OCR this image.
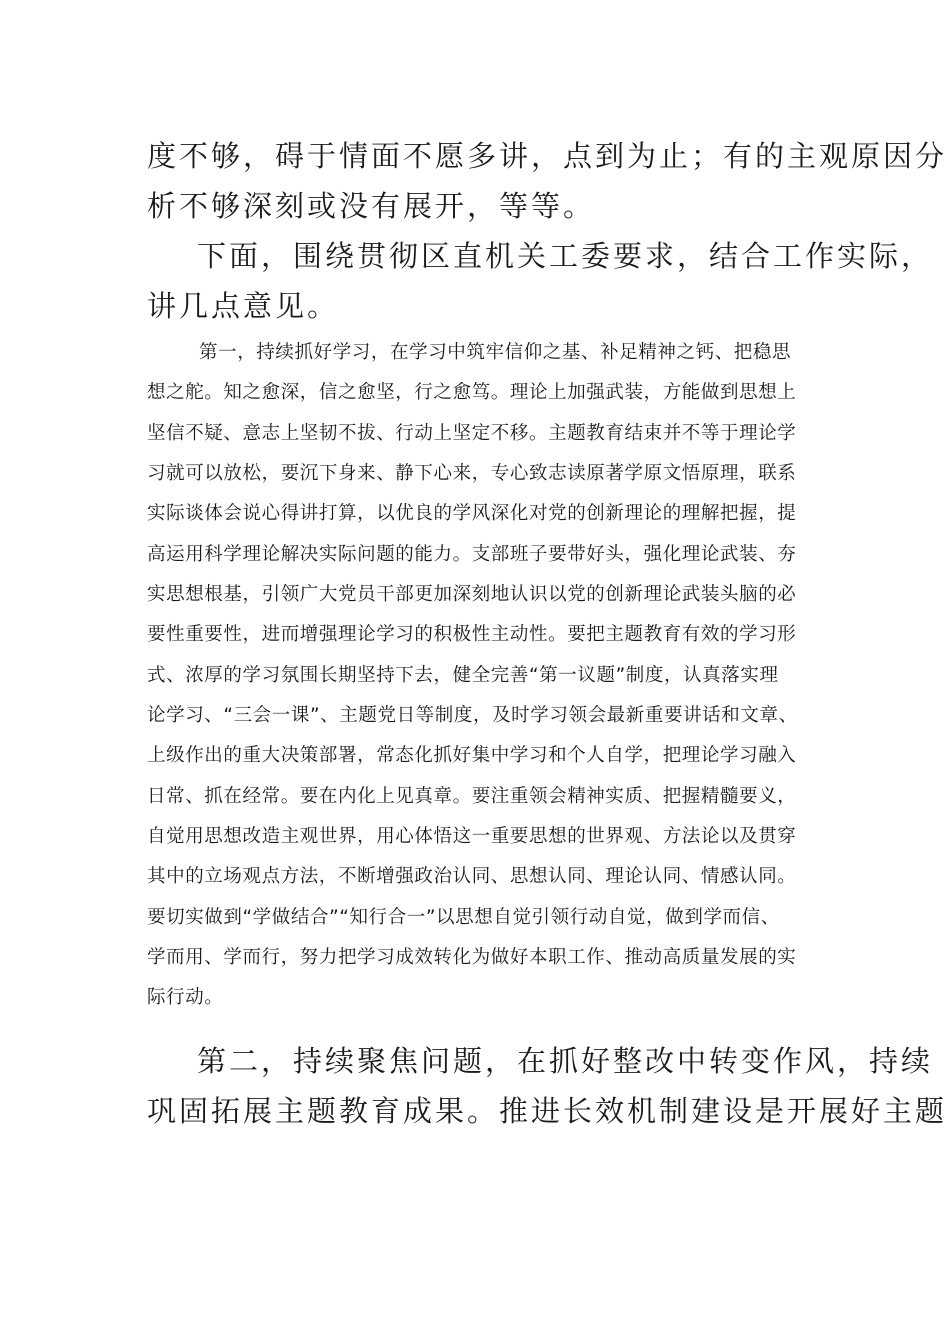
度不够，碍于情面不愿多讲，点到为止；有的主观原因分

析不够深刻或没有展开，等等。

下面，围绕贯彻区直机关工委要求，结合工作实际，

讲几点意见。

第一，持续抓好学习，在学习中筑牢信仰之基、补足精神之钙、把稳思

想之舵。知之愈深，信之愈坚，行之愈笃。理论上加强武装，方能做到思想上

坚信不疑、意志上坚韧不拔、行动上坚定不移。主题教育结束并不等于理论学

习就可以放松，要沉下身来、静下心来，专心致志读原著学原文悟原理，联系

实际谈体会说心得讲打算，以优良的学风深化对党的创新理论的理解把握，提

高运用科学理论解决实际问题的能力。支部班子要带好头，强化理论武装、夯

实思想根基，引领广大党员干部更加深刻地认识以党的创新理论武装头脑的必

要性重要性，进而增强理论学习的积极性主动性。要把主题教育有效的学习形

式、浓厚的学习氛围长期坚持下去，健全完善“第一议题”制度，认真落实理

论学习、“三会一课”、主题党日等制度，及时学习领会最新重要讲话和文章、

上级作出的重大决策部署，常态化抓好集中学习和个人自学，把理论学习融入

日常、抓在经常。要在内化上见真章。要注重领会精神实质、把握精髓要义，

自觉用思想改造主观世界，用心体悟这一重要思想的世界观、方法论以及贯穿

其中的立场观点方法，不断增强政治认同、思想认同、理论认同、情感认同。

要切实做到“学做结合”“知行合一”以思想自觉引领行动自觉，做到学而信、

学而用、学而行，努力把学习成效转化为做好本职工作、推动高质量发展的实

际行动。

第二，持续聚焦问题，在抓好整改中转变作风，持续

巩固拓展主题教育成果。推进长效机制建设是开展好主题
